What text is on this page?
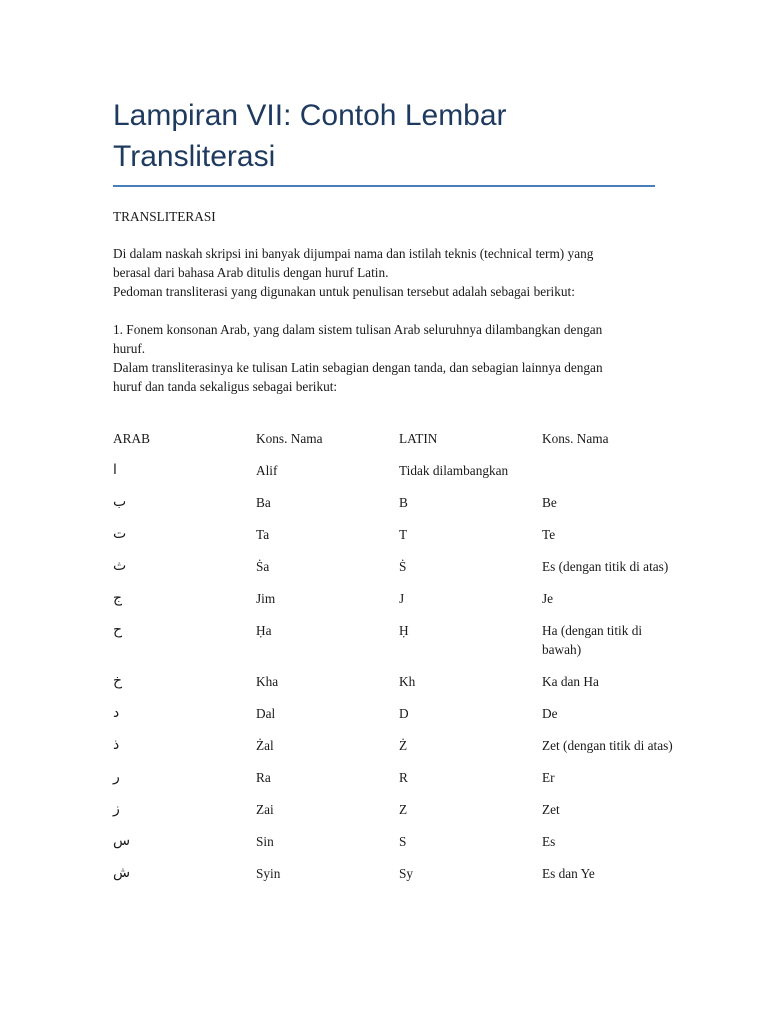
Lampiran VII: Contoh Lembar
Transliterasi

TRANSLITERASI

Di dalam naskah skripsi ini banyak dijumpai nama dan istilah teknis (technical term) yang
berasal dari bahasa Arab ditulis dengan huruf Latin.
Pedoman transliterasi yang digunakan untuk penulisan tersebut adalah sebagai berikut:
1. Fonem konsonan Arab, yang dalam sistem tulisan Arab seluruhnya dilambangkan dengan
huruf.
Dalam transliterasinya ke tulisan Latin sebagian dengan tanda, dan sebagian lainnya dengan
huruf dan tanda sekaligus sebagai berikut:
ARAB	Kons. Nama	LATIN	Kons. Nama
ا	Alif	Tidak dilambangkan	
ب	Ba	B	Be
ت	Ta	T	Te
ث	Ṡa	Ṡ	Es (dengan titik di atas)
ج	Jim	J	Je
ح	Ḥa	Ḥ	Ha (dengan titik di bawah)
خ	Kha	Kh	Ka dan Ha
د	Dal	D	De
ذ	Żal	Ż	Zet (dengan titik di atas)
ر	Ra	R	Er
ز	Zai	Z	Zet
س	Sin	S	Es
ش	Syin	Sy	Es dan Ye
